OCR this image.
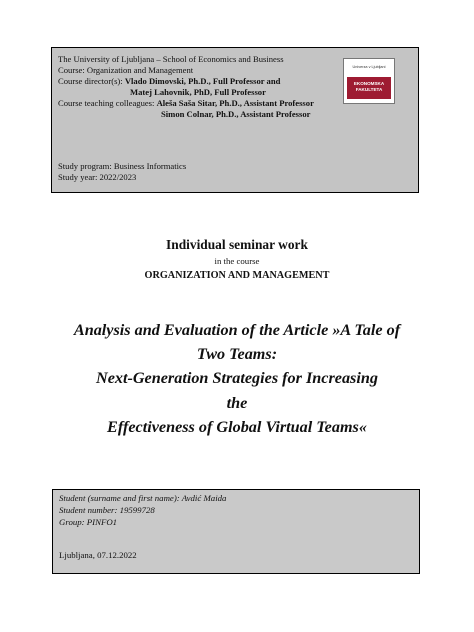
The University of Ljubljana – School of Economics and Business
Course: Organization and Management
Course director(s): Vlado Dimovski, Ph.D., Full Professor and
Matej Lahovnik, PhD, Full Professor
Course teaching colleagues: Aleša Saša Sitar, Ph.D., Assistant Professor
Simon Colnar, Ph.D., Assistant Professor
Study program: Business Informatics
Study year: 2022/2023
Univerza v Ljubljani
EKONOMSKA
FAKULTETA
Individual seminar work
in the course
ORGANIZATION AND MANAGEMENT
Analysis and Evaluation of the Article »A Tale of
Two Teams:
Next-Generation Strategies for Increasing
the
Effectiveness of Global Virtual Teams«
Student (surname and first name): Avdić Maida
Student number: 19599728
Group: PINFO1
Ljubljana, 07.12.2022
